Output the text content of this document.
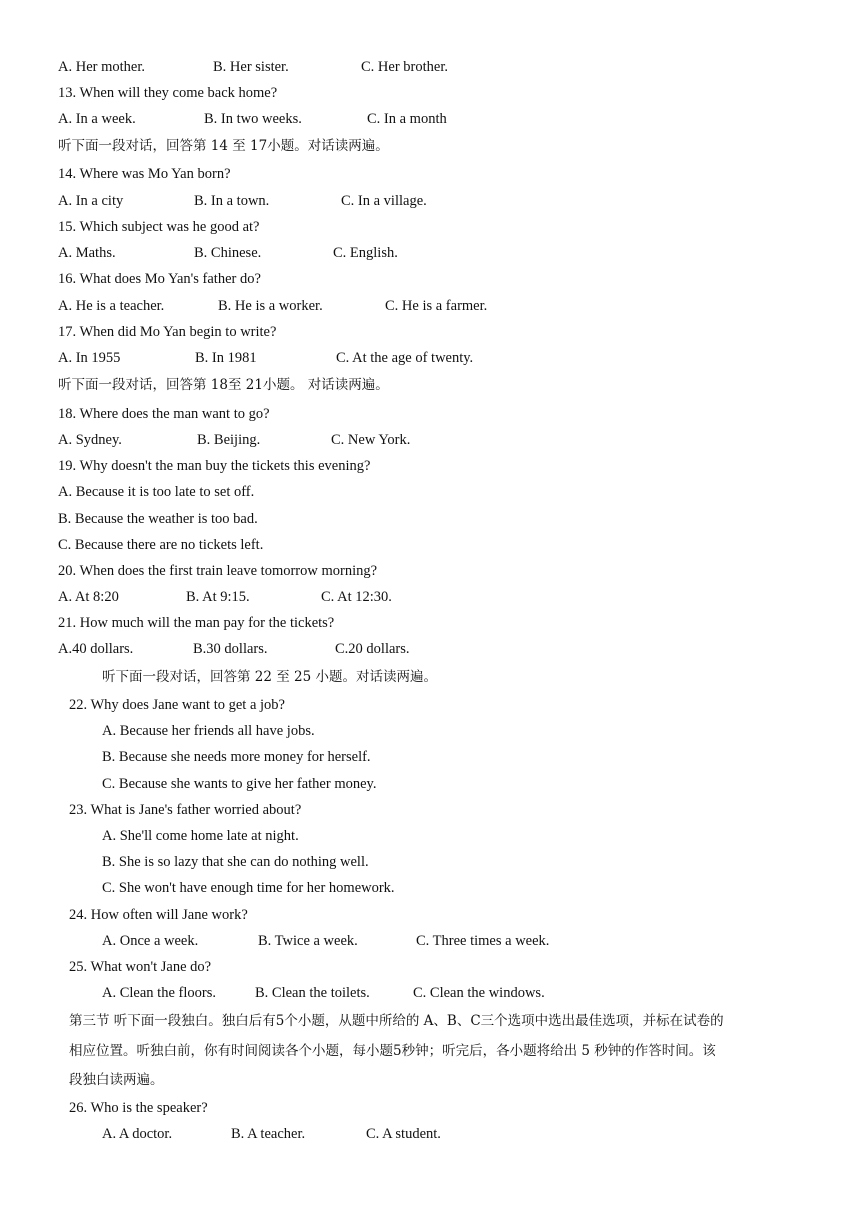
A. Her mother.	B. Her sister.	C. Her brother.
13. When will they come back home?
A. In a week.	B. In two weeks.	C. In a month
听下面一段对话，回答第 14 至 17小题。对话读两遍。
14. Where was Mo Yan born?
A. In a city	B. In a town.	C. In a village.
15. Which subject was he good at?
A. Maths.	B. Chinese.	C. English.
16. What does Mo Yan's father do?
A. He is a teacher.	B. He is a worker.	C. He is a farmer.
17. When did Mo Yan begin to write?
A. In 1955	B. In 1981	C. At the age of twenty.
听下面一段对话，回答第 18至 21小题。 对话读两遍。
18. Where does the man want to go?
A. Sydney.	B. Beijing.	C. New York.
19. Why doesn't the man buy the tickets this evening?
A. Because it is too late to set off.
B. Because the weather is too bad.
C. Because there are no tickets left.
20. When does the first train leave tomorrow morning?
A. At 8:20	B. At 9:15.	C. At 12:30.
21. How much will the man pay for the tickets?
A.40 dollars.	B.30 dollars.	C.20 dollars.
听下面一段对话，回答第 22 至 25 小题。对话读两遍。
22. Why does Jane want to get a job?
A. Because her friends all have jobs.
B. Because she needs more money for herself.
C. Because she wants to give her father money.
23. What is Jane's father worried about?
A. She'll come home late at night.
B. She is so lazy that she can do nothing well.
C. She won't have enough time for her homework.
24. How often will Jane work?
A. Once a week.	B. Twice a week.	C. Three times a week.
25. What won't Jane do?
A. Clean the floors.	B. Clean the toilets.	C. Clean the windows.
第三节 听下面一段独白。独白后有5个小题，从题中所给的 A、B、C三个选项中选出最佳选项，并标在试卷的
相应位置。听独白前，你有时间阅读各个小题，每小题5秒钟；听完后，各小题将给出 5 秒钟的作答时间。该
段独白读两遍。
26. Who is the speaker?
A. A doctor.	B. A teacher.	C. A student.
